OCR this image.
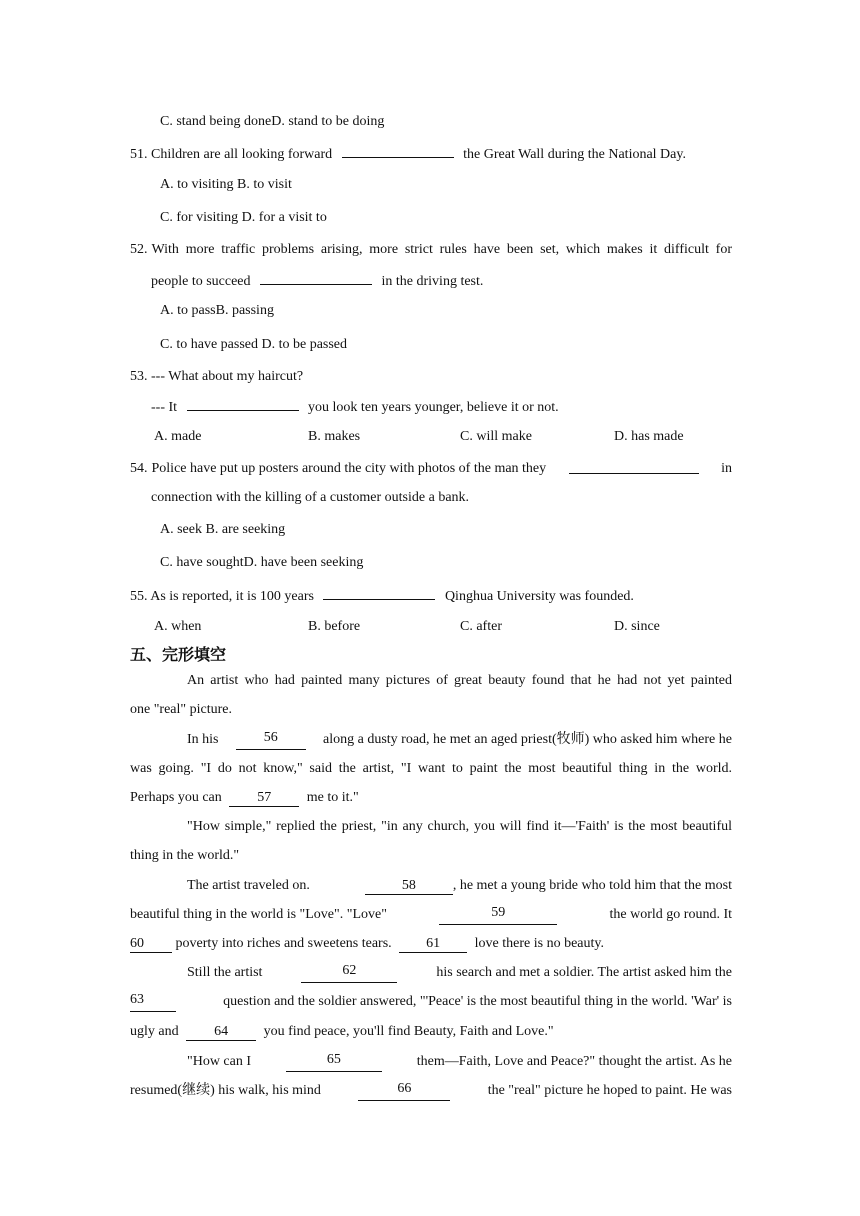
C. stand being doneD. stand to be doing
51. Children are all looking forward	the Great Wall during the National Day.
A. to visiting B. to visit
C. for visiting D. for a visit to
52. With more traffic problems arising, more strict rules have been set, which makes it difficult for
people to succeed	in the driving test.
A. to passB. passing
C. to have passed D. to be passed
53. --- What about my haircut?
--- It	you look ten years younger, believe it or not.
A. made	B. makes	C. will make	D. has made
54. Police have put up posters around the city with photos of the man they	in
connection with the killing of a customer outside a bank.
A. seek B. are seeking
C. have soughtD. have been seeking
55. As is reported, it is 100 years	Qinghua University was founded.
A. when	B. before	C. after	D. since
五、完形填空
An artist who had painted many pictures of great beauty found that he had not yet painted
one "real" picture.
In his	56	along a dusty road, he met an aged priest(牧师) who asked him where he
was going. "I do not know," said the artist, "I want to paint the most beautiful thing in the world.
Perhaps you can	57	me to it."
"How simple," replied the priest, "in any church, you will find it—'Faith' is the most beautiful
thing in the world."
The artist traveled on.	58	, he met a young bride who told him that the most
beautiful thing in the world is "Love". "Love"	59	the world go round. It
60 poverty into riches and sweetens tears. 61 love there is no beauty.
Still the artist	62	his search and met a soldier. The artist asked him the
63	question and the soldier answered, "'Peace' is the most beautiful thing in the world. 'War' is
ugly and	64	you find peace, you'll find Beauty, Faith and Love."
"How can I	65	them—Faith, Love and Peace?" thought the artist. As he
resumed(继续) his walk, his mind	66	the "real" picture he hoped to paint. He was
